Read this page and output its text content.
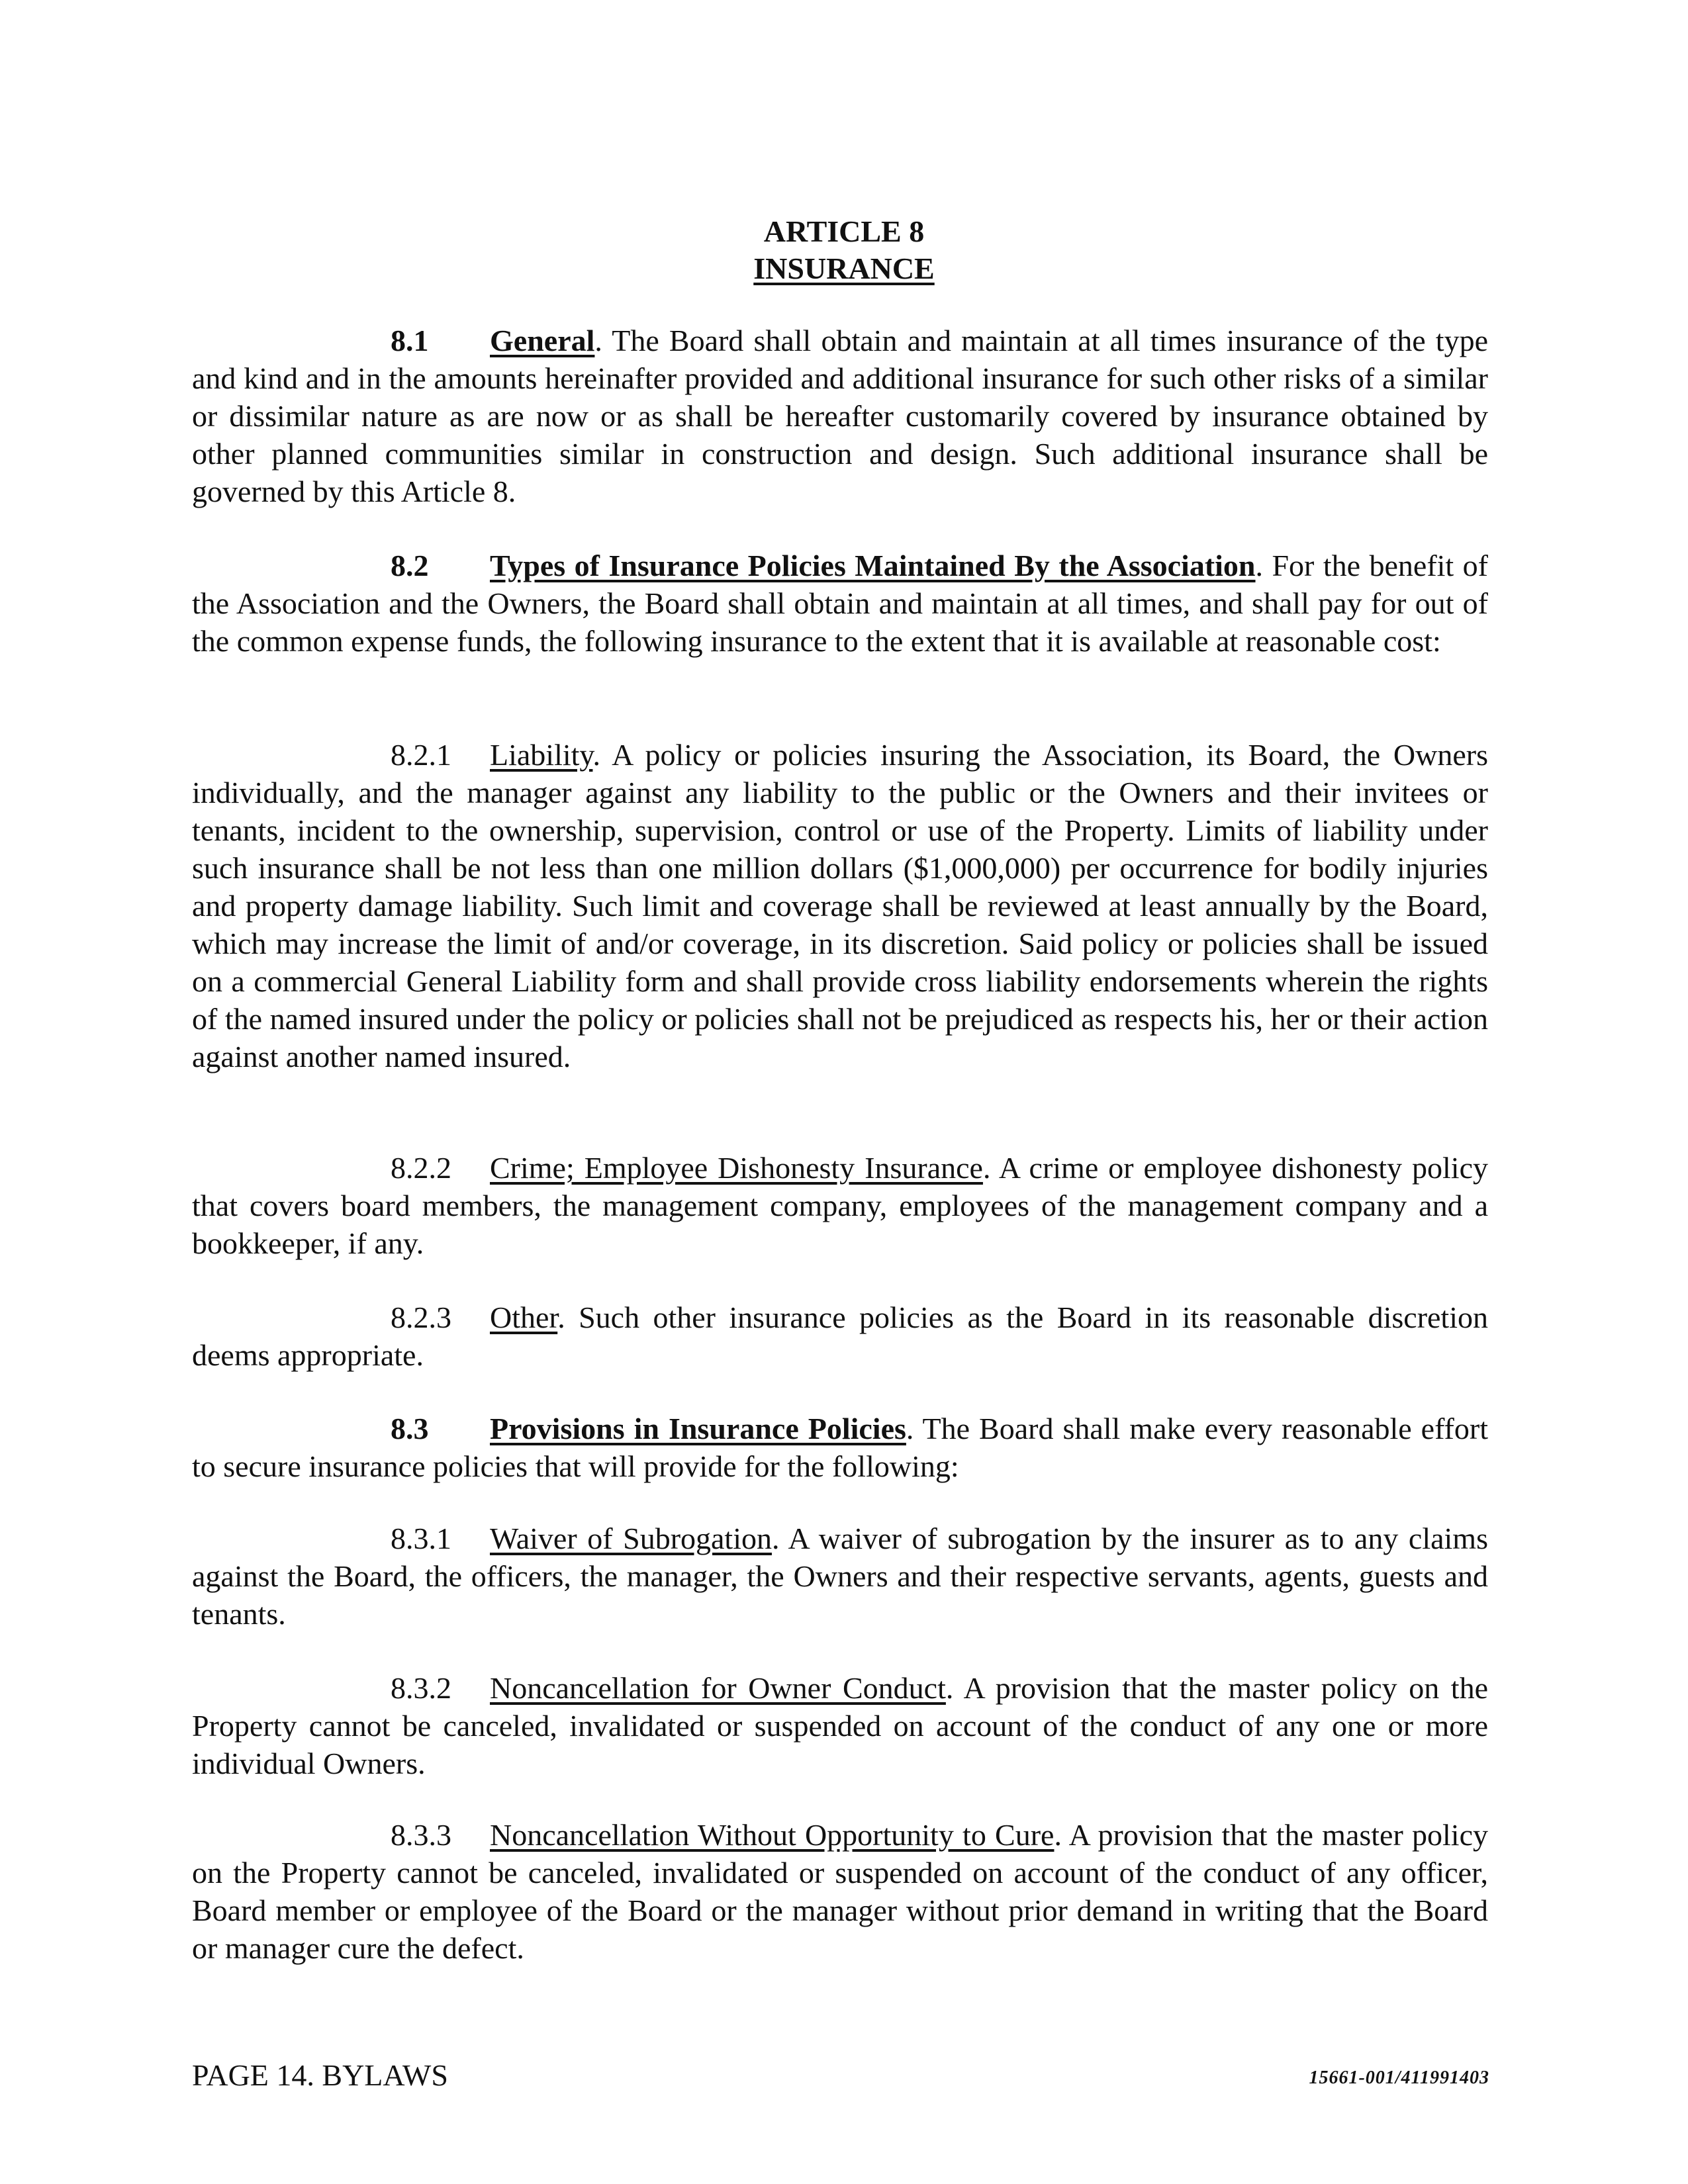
ARTICLE 8
INSURANCE

8.1 General. The Board shall obtain and maintain at all times insurance of the type and kind and in the amounts hereinafter provided and additional insurance for such other risks of a similar or dissimilar nature as are now or as shall be hereafter customarily covered by insurance obtained by other planned communities similar in construction and design. Such additional insurance shall be governed by this Article 8.

8.2 Types of Insurance Policies Maintained By the Association. For the benefit of the Association and the Owners, the Board shall obtain and maintain at all times, and shall pay for out of the common expense funds, the following insurance to the extent that it is available at reasonable cost:

8.2.1 Liability. A policy or policies insuring the Association, its Board, the Owners individually, and the manager against any liability to the public or the Owners and their invitees or tenants, incident to the ownership, supervision, control or use of the Property. Limits of liability under such insurance shall be not less than one million dollars ($1,000,000) per occurrence for bodily injuries and property damage liability. Such limit and coverage shall be reviewed at least annually by the Board, which may increase the limit of and/or coverage, in its discretion. Said policy or policies shall be issued on a commercial General Liability form and shall provide cross liability endorsements wherein the rights of the named insured under the policy or policies shall not be prejudiced as respects his, her or their action against another named insured.

8.2.2 Crime; Employee Dishonesty Insurance. A crime or employee dishonesty policy that covers board members, the management company, employees of the management company and a bookkeeper, if any.

8.2.3 Other. Such other insurance policies as the Board in its reasonable discretion deems appropriate.

8.3 Provisions in Insurance Policies. The Board shall make every reasonable effort to secure insurance policies that will provide for the following:

8.3.1 Waiver of Subrogation. A waiver of subrogation by the insurer as to any claims against the Board, the officers, the manager, the Owners and their respective servants, agents, guests and tenants.

8.3.2 Noncancellation for Owner Conduct. A provision that the master policy on the Property cannot be canceled, invalidated or suspended on account of the conduct of any one or more individual Owners.

8.3.3 Noncancellation Without Opportunity to Cure. A provision that the master policy on the Property cannot be canceled, invalidated or suspended on account of the conduct of any officer, Board member or employee of the Board or the manager without prior demand in writing that the Board or manager cure the defect.

PAGE 14. BYLAWS	15661-001/411991403
